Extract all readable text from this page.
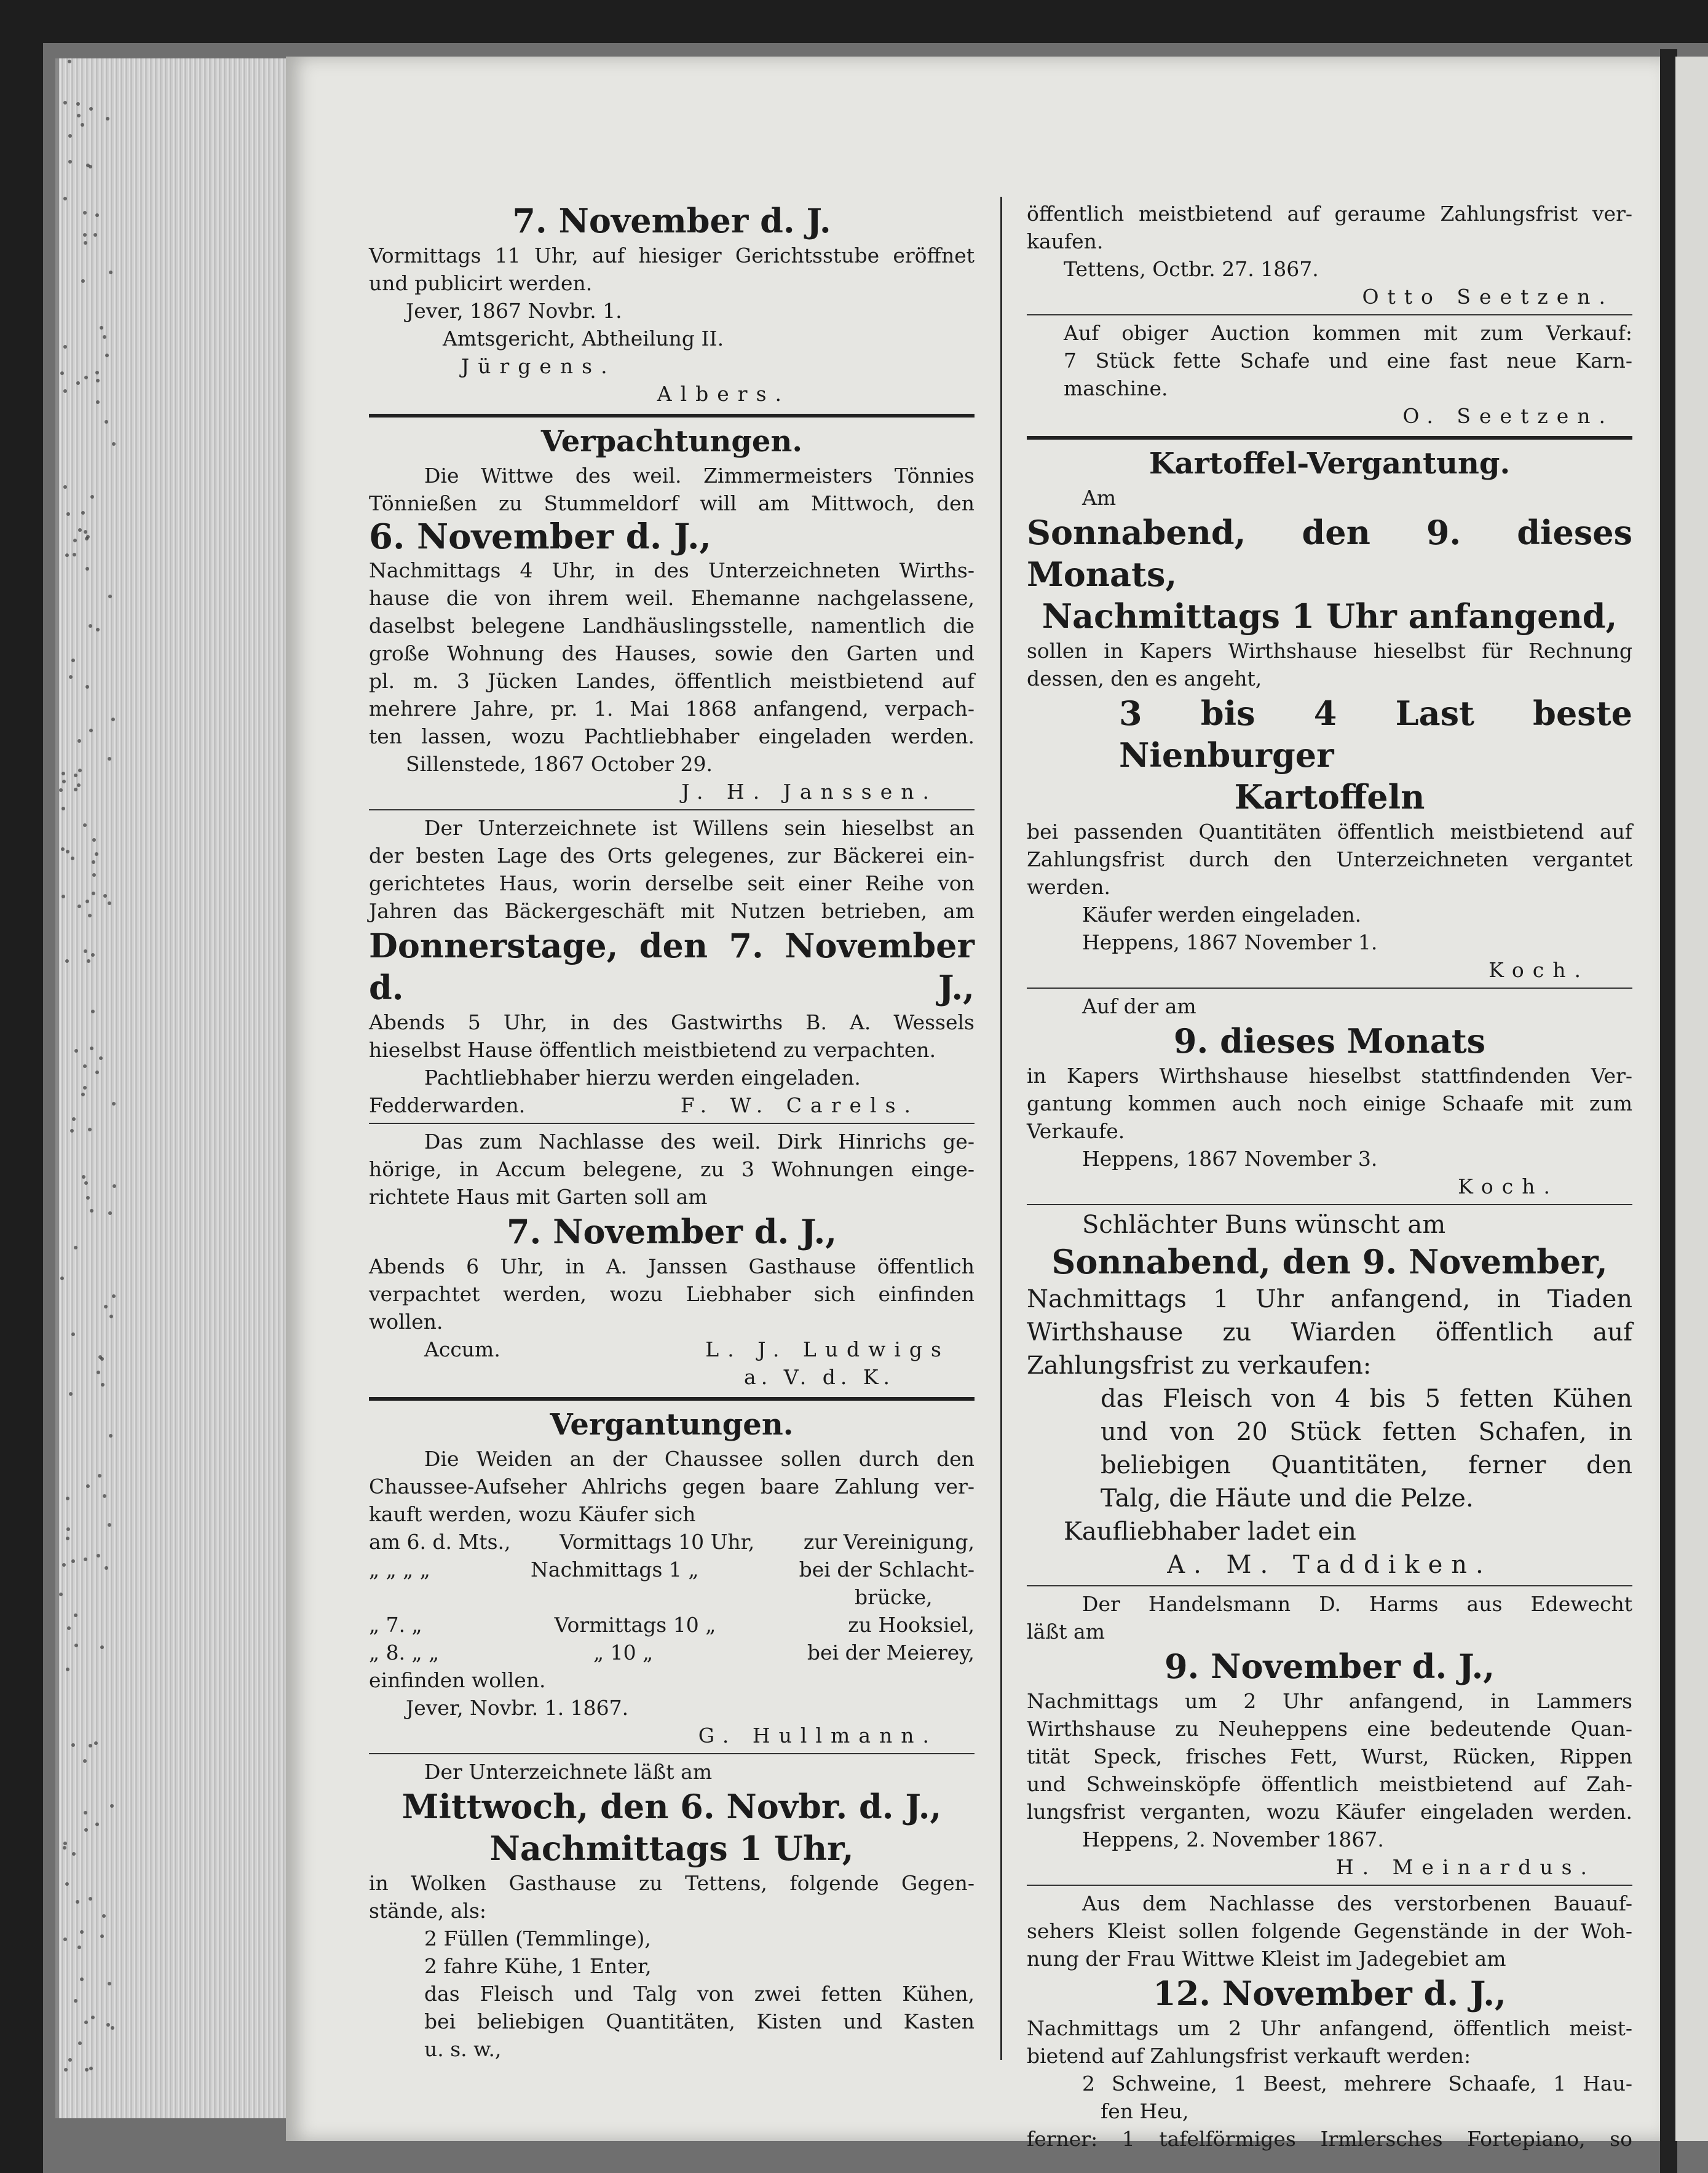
7. November d. J.
Vormittags 11 Uhr, auf hiesiger Gerichtsstube eröffnet
und publicirt werden.
Jever, 1867 Novbr. 1.
Amtsgericht, Abtheilung II.
Jürgens.
Albers.
Verpachtungen.
Die Wittwe des weil. Zimmermeisters Tönnies
Tönnießen zu Stummeldorf will am Mittwoch, den
6. November d. J.,
Nachmittags 4 Uhr, in des Unterzeichneten Wirths-
hause die von ihrem weil. Ehemanne nachgelassene,
daselbst belegene Landhäuslingsstelle, namentlich die
große Wohnung des Hauses, sowie den Garten und
pl. m. 3 Jücken Landes, öffentlich meistbietend auf
mehrere Jahre, pr. 1. Mai 1868 anfangend, verpach-
ten lassen, wozu Pachtliebhaber eingeladen werden.
Sillenstede, 1867 October 29.
J. H. Janssen.
Der Unterzeichnete ist Willens sein hieselbst an
der besten Lage des Orts gelegenes, zur Bäckerei ein-
gerichtetes Haus, worin derselbe seit einer Reihe von
Jahren das Bäckergeschäft mit Nutzen betrieben, am
Donnerstage, den 7. November d. J.,
Abends 5 Uhr, in des Gastwirths B. A. Wessels
hieselbst Hause öffentlich meistbietend zu verpachten.
Pachtliebhaber hierzu werden eingeladen.
Fedderwarden.	F. W. Carels.
Das zum Nachlasse des weil. Dirk Hinrichs ge-
hörige, in Accum belegene, zu 3 Wohnungen einge-
richtete Haus mit Garten soll am
7. November d. J.,
Abends 6 Uhr, in A. Janssen Gasthause öffentlich
verpachtet werden, wozu Liebhaber sich einfinden
wollen.
Accum.	L. J. Ludwigs
a. V. d. K.
Vergantungen.
Die Weiden an der Chaussee sollen durch den
Chaussee-Aufseher Ahlrichs gegen baare Zahlung ver-
kauft werden, wozu Käufer sich
am 6. d. Mts., Vormittags 10 Uhr, zur Vereinigung,
„ „ „ „	Nachmittags 1 „	bei der Schlacht-
brücke,
„ 7. „	Vormittags 10 „	zu Hooksiel,
„ 8. „ „	„ 10 „	bei der Meierey,
einfinden wollen.
Jever, Novbr. 1. 1867.
G. Hullmann.
Der Unterzeichnete läßt am
Mittwoch, den 6. Novbr. d. J.,
Nachmittags 1 Uhr,
in Wolken Gasthause zu Tettens, folgende Gegen-
stände, als:
2 Füllen (Temmlinge),
2 fahre Kühe, 1 Enter,
das Fleisch und Talg von zwei fetten Kühen,
bei beliebigen Quantitäten, Kisten und Kasten
u. s. w.,
öffentlich meistbietend auf geraume Zahlungsfrist ver-
kaufen.
Tettens, Octbr. 27. 1867.
Otto Seetzen.
Auf obiger Auction kommen mit zum Verkauf:
7 Stück fette Schafe und eine fast neue Karn-
maschine.
O. Seetzen.
Kartoffel-Vergantung.
Am
Sonnabend, den 9. dieses Monats,
Nachmittags 1 Uhr anfangend,
sollen in Kapers Wirthshause hieselbst für Rechnung
dessen, den es angeht,
3 bis 4 Last beste Nienburger
Kartoffeln
bei passenden Quantitäten öffentlich meistbietend auf
Zahlungsfrist durch den Unterzeichneten vergantet
werden.
Käufer werden eingeladen.
Heppens, 1867 November 1.
Koch.
Auf der am
9. dieses Monats
in Kapers Wirthshause hieselbst stattfindenden Ver-
gantung kommen auch noch einige Schaafe mit zum
Verkaufe.
Heppens, 1867 November 3.
Koch.
Schlächter Buns wünscht am
Sonnabend, den 9. November,
Nachmittags 1 Uhr anfangend, in Tiaden
Wirthshause zu Wiarden öffentlich auf
Zahlungsfrist zu verkaufen:
das Fleisch von 4 bis 5 fetten Kühen
und von 20 Stück fetten Schafen, in
beliebigen Quantitäten, ferner den
Talg, die Häute und die Pelze.
Kaufliebhaber ladet ein
A. M. Taddiken.
Der Handelsmann D. Harms aus Edewecht
läßt am
9. November d. J.,
Nachmittags um 2 Uhr anfangend, in Lammers
Wirthshause zu Neuheppens eine bedeutende Quan-
tität Speck, frisches Fett, Wurst, Rücken, Rippen
und Schweinsköpfe öffentlich meistbietend auf Zah-
lungsfrist verganten, wozu Käufer eingeladen werden.
Heppens, 2. November 1867.
H. Meinardus.
Aus dem Nachlasse des verstorbenen Bauauf-
sehers Kleist sollen folgende Gegenstände in der Woh-
nung der Frau Wittwe Kleist im Jadegebiet am
12. November d. J.,
Nachmittags um 2 Uhr anfangend, öffentlich meist-
bietend auf Zahlungsfrist verkauft werden:
2 Schweine, 1 Beest, mehrere Schaafe, 1 Hau-
fen Heu,
ferner: 1 tafelförmiges Irmlersches Fortepiano, so
